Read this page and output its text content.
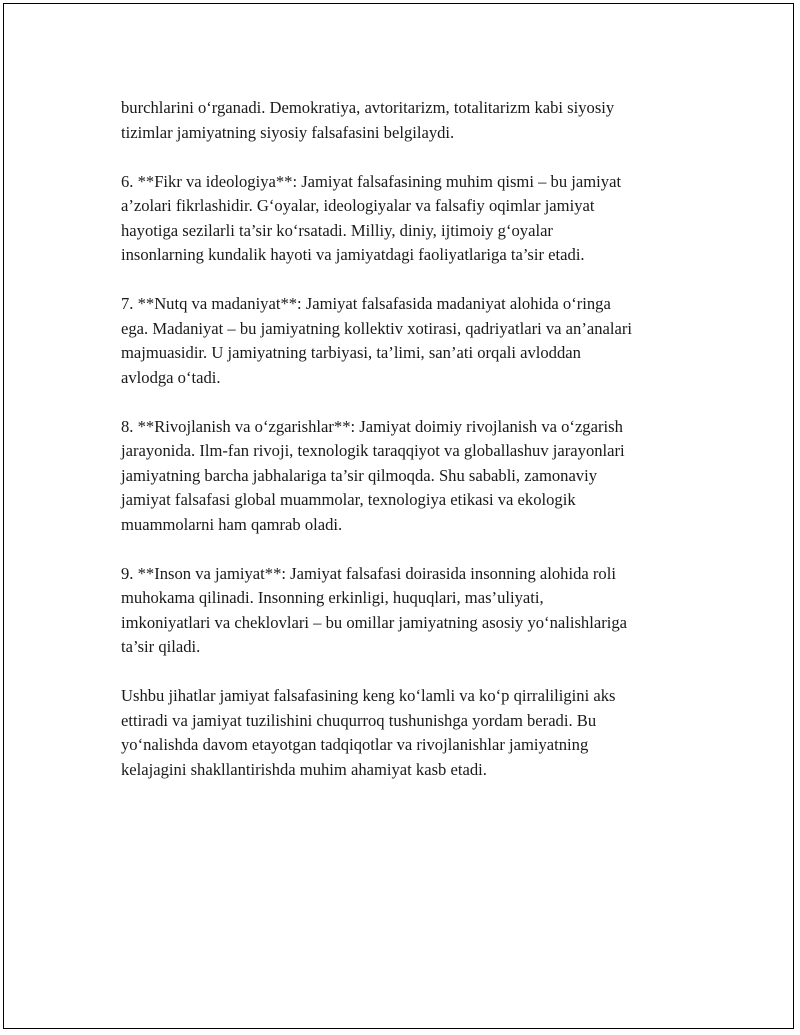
burchlarini o‘rganadi. Demokratiya, avtoritarizm, totalitarizm kabi siyosiy
tizimlar jamiyatning siyosiy falsafasini belgilaydi.

6. **Fikr va ideologiya**: Jamiyat falsafasining muhim qismi – bu jamiyat
a’zolari fikrlashidir. G‘oyalar, ideologiyalar va falsafiy oqimlar jamiyat
hayotiga sezilarli ta’sir ko‘rsatadi. Milliy, diniy, ijtimoiy g‘oyalar
insonlarning kundalik hayoti va jamiyatdagi faoliyatlariga ta’sir etadi.

7. **Nutq va madaniyat**: Jamiyat falsafasida madaniyat alohida o‘ringa
ega. Madaniyat – bu jamiyatning kollektiv xotirasi, qadriyatlari va an’analari
majmuasidir. U jamiyatning tarbiyasi, ta’limi, san’ati orqali avloddan
avlodga o‘tadi.

8. **Rivojlanish va o‘zgarishlar**: Jamiyat doimiy rivojlanish va o‘zgarish
jarayonida. Ilm-fan rivoji, texnologik taraqqiyot va globallashuv jarayonlari
jamiyatning barcha jabhalariga ta’sir qilmoqda. Shu sababli, zamonaviy
jamiyat falsafasi global muammolar, texnologiya etikasi va ekologik
muammolarni ham qamrab oladi.

9. **Inson va jamiyat**: Jamiyat falsafasi doirasida insonning alohida roli
muhokama qilinadi. Insonning erkinligi, huquqlari, mas’uliyati,
imkoniyatlari va cheklovlari – bu omillar jamiyatning asosiy yo‘nalishlariga
ta’sir qiladi.

Ushbu jihatlar jamiyat falsafasining keng ko‘lamli va ko‘p qirraliligini aks
ettiradi va jamiyat tuzilishini chuqurroq tushunishga yordam beradi. Bu
yo‘nalishda davom etayotgan tadqiqotlar va rivojlanishlar jamiyatning
kelajagini shakllantirishda muhim ahamiyat kasb etadi.
